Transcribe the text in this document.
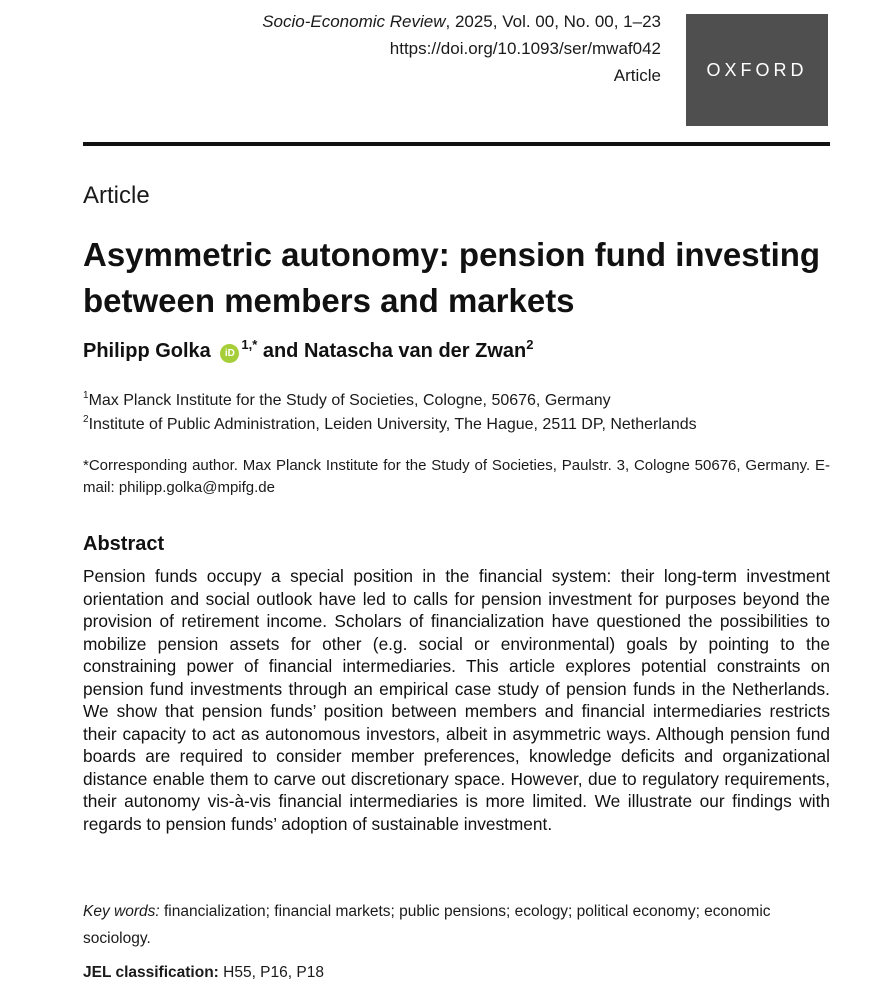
Socio-Economic Review, 2025, Vol. 00, No. 00, 1–23
https://doi.org/10.1093/ser/mwaf042
Article	OXFORD
Article
Asymmetric autonomy: pension fund investing between members and markets
Philipp Golka $iD^{1,*}$ and Natascha van der Zwan$^2$
$^1$Max Planck Institute for the Study of Societies, Cologne, 50676, Germany
$^2$Institute of Public Administration, Leiden University, The Hague, 2511 DP, Netherlands
*Corresponding author. Max Planck Institute for the Study of Societies, Paulstr. 3, Cologne 50676, Germany. E-mail: philipp.golka@mpifg.de
Abstract
Pension funds occupy a special position in the financial system: their long-term investment orientation and social outlook have led to calls for pension investment for purposes beyond the provision of retirement income. Scholars of financialization have questioned the possibilities to mobilize pension assets for other (e.g. social or environmental) goals by pointing to the constraining power of financial intermediaries. This article explores potential constraints on pension fund investments through an empirical case study of pension funds in the Netherlands. We show that pension funds’ position between members and financial intermediaries restricts their capacity to act as autonomous investors, albeit in asymmetric ways. Although pension fund boards are required to consider member preferences, knowledge deficits and organizational distance enable them to carve out discretionary space. However, due to regulatory requirements, their autonomy vis-à-vis financial intermediaries is more limited. We illustrate our findings with regards to pension funds’ adoption of sustainable investment.
Key words: financialization; financial markets; public pensions; ecology; political economy; economic sociology.
JEL classification: H55, P16, P18
